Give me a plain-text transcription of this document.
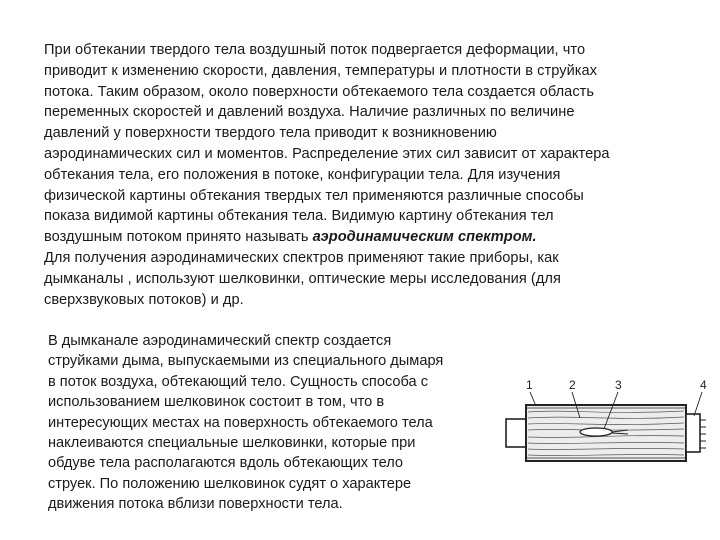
При обтекании твердого тела воздушный поток подвергается деформации, что
приводит к изменению скорости, давления, температуры и плотности в струйках
потока. Таким образом, около поверхности обтекаемого тела создается область
переменных скоростей и давлений воздуха. Наличие различных по величине
давлений у поверхности твердого тела приводит к возникновению
аэродинамических сил и моментов. Распределение этих сил зависит от характера
обтекания тела, его положения в потоке, конфигурации тела. Для изучения
физической картины обтекания твердых тел применяются различные способы
показа видимой картины обтекания тела. Видимую картину обтекания тел
воздушным потоком принято называть аэродинамическим спектром.
Для получения аэродинамических спектров применяют такие приборы, как
дымканалы , используют шелковинки, оптические меры исследования (для
сверхзвуковых потоков) и др.
В дымканале аэродинамический спектр создается
струйками дыма, выпускаемыми из специального дымаря
в поток воздуха, обтекающий тело. Сущность способа с
использованием шелковинок состоит в том, что в
интересующих местах на поверхность обтекаемого тела
наклеиваются специальные шелковинки, которые при
обдуве тела располагаются вдоль обтекающих тело
струек. По положению шелковинок судят о характере
движения потока вблизи поверхности тела.
1	2	3	4
